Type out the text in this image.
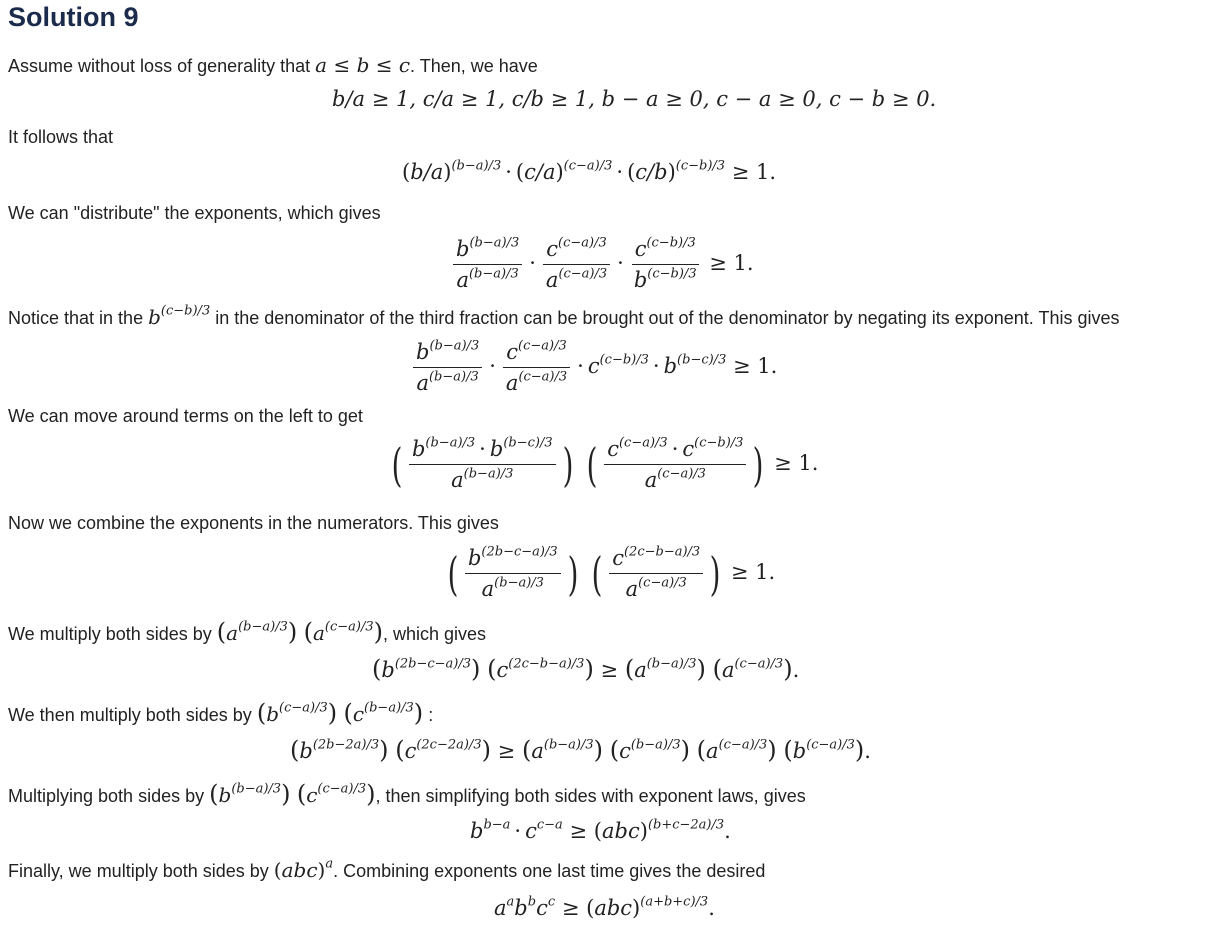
Solution 9
Assume without loss of generality that a ≤ b ≤ c. Then, we have
b/a ≥ 1, c/a ≥ 1, c/b ≥ 1, b − a ≥ 0, c − a ≥ 0, c − b ≥ 0.
It follows that
$(b/a)^{(b-a)/3} \cdot (c/a)^{(c-a)/3} \cdot (c/b)^{(c-b)/3} \ge 1$.
We can "distribute" the exponents, which gives
$\frac{b^{(b-a)/3}}{a^{(b-a)/3}} \cdot \frac{c^{(c-a)/3}}{a^{(c-a)/3}} \cdot \frac{c^{(c-b)/3}}{b^{(c-b)/3}} \ge 1$.
Notice that in the $b^{(c-b)/3}$ in the denominator of the third fraction can be brought out of the denominator by negating its exponent. This gives
$\frac{b^{(b-a)/3}}{a^{(b-a)/3}} \cdot \frac{c^{(c-a)/3}}{a^{(c-a)/3}} \cdot c^{(c-b)/3} \cdot b^{(b-c)/3} \ge 1$.
We can move around terms on the left to get
( $\frac{b^{(b-a)/3} \cdot b^{(b-c)/3}}{a^{(b-a)/3}}$ ) ( $\frac{c^{(c-a)/3} \cdot c^{(c-b)/3}}{a^{(c-a)/3}}$ ) ≥ 1.
Now we combine the exponents in the numerators. This gives
( $\frac{b^{(2b-c-a)/3}}{a^{(b-a)/3}}$ ) ( $\frac{c^{(2c-b-a)/3}}{a^{(c-a)/3}}$ ) ≥ 1.
We multiply both sides by $(a^{(b-a)/3})$ $(a^{(c-a)/3})$, which gives
$(b^{(2b-c-a)/3}) (c^{(2c-b-a)/3}) \ge (a^{(b-a)/3})$ $(a^{(c-a)/3})$.
We then multiply both sides by $(b^{(c-a)/3})$ $(c^{(b-a)/3})$ :
$(b^{(2b-2a)/3}) (c^{(2c-2a)/3}) \ge (a^{(b-a)/3})$ $(c^{(b-a)/3})$ $(a^{(c-a)/3})$ $(b^{(c-a)/3})$.
Multiplying both sides by $(b^{(b-a)/3})$ $(c^{(c-a)/3})$, then simplifying both sides with exponent laws, gives
$b^{b-a} \cdot c^{c-a} \ge (abc)^{(b+c-2a)/3}$.
Finally, we multiply both sides by (abc)$^a$. Combining exponents one last time gives the desired
$a^ab^bc^c \ge (abc)^{(a+b+c)/3}$.
